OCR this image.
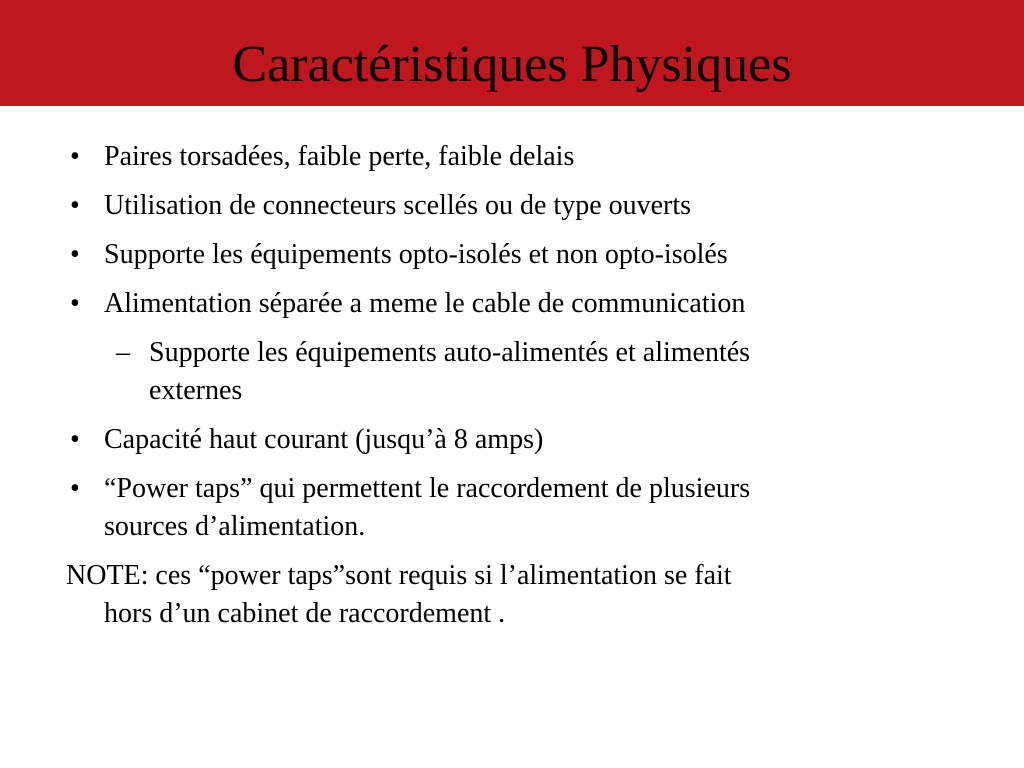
Caractéristiques Physiques
• Paires torsadées, faible perte, faible delais
• Utilisation de connecteurs scellés ou de type ouverts
• Supporte les équipements opto-isolés et non opto-isolés
• Alimentation séparée a meme le cable de communication
– Supporte les équipements auto-alimentés et alimentés
externes
• Capacité haut courant (jusqu’à 8 amps)
• “Power taps” qui permettent le raccordement de plusieurs
sources d’alimentation.
NOTE: ces “power taps”sont requis si l’alimentation se fait
hors d’un cabinet de raccordement .
